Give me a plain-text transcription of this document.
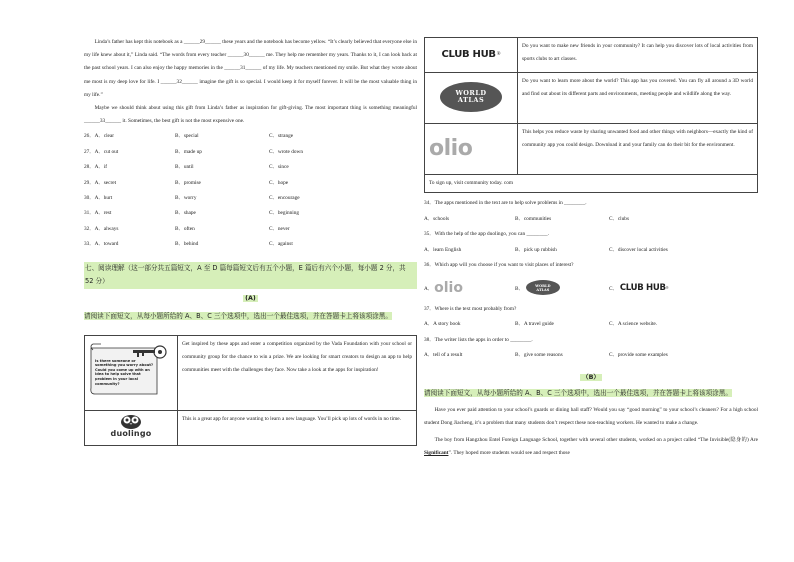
Linda’s father has kept this notebook as a ______29______ these years and the notebook has become yellow. “It’s clearly believed that everyone else in my life knew about it,” Linda said. “The words from every teacher ______30______ me. They help me remember my years. Thanks to it, I can look back at the past school years. I can also enjoy the happy memories in the ______31______ of my life. My teachers mentioned my smile. But what they wrote about me most is my deep love for life. I ______32______ imagine the gift is so special. I would keep it for myself forever. It will be the most valuable thing in my life.”

Maybe we should think about using this gift from Linda’s father as inspiration for gift-giving. The most important thing is something meaningful ______33______ it. Sometimes, the best gift is not the most expensive one.

26．A．clear	B．special	C．strange
27．A．cut out	B．made up	C．wrote down
28．A．if	B．until	C．since
29．A．secret	B．promise	C．hope
30．A．hurt	B．worry	C．encourage
31．A．rest	B．shape	C．beginning
32．A．always	B．often	C．never
33．A．toward	B．behind	C．against
七、阅读理解（这一部分共五篇短文，A 至 D 篇每篇短文后有五个小题，E 篇后有六个小题，每小题 2 分，共 52 分）
(A)
请阅读下面短文，从每小题所给的 A、B、C 三个选项中，选出一个最佳选项，并在答题卡上将该项涂黑。
Is there someone or something you worry about? Could you come up with an idea to help solve that problem in your local community?	Get inspired by these apps and enter a competition organized by the Vada Foundation with your school or community group for the chance to win a prize. We are looking for smart creators to design an app to help communities meet with the challenges they face. Now take a look at the apps for inspiration!

duolingo	This is a great app for anyone wanting to learn a new language. You’ll pick up lots of words in no time.
CLUB HUB ®	Do you want to make new friends in your community? It can help you discover lots of local activities from sports clubs to art classes.

WORLD
ATLAS	Do you want to learn more about the world? This app has you covered. You can fly all around a 3D world and find out about its different parts and environments, meeting people and wildlife along the way.

olio	This helps you reduce waste by sharing unwanted food and other things with neighbors—exactly the kind of community app you could design. Download it and your family can do their bit for the environment.
To sign up, visit community today. com

34．The apps mentioned in the text are to help solve problems in ________.

A．schools	B．communities	C．clubs

35．With the help of the app duolingo, you can ________.

A．learn English	B．pick up rubbish	C．discover local activities

36．Which app will you choose if you want to visit places of interest?

A． olio	B．	WORLD
ATLAS	C． CLUB HUB ®

37．Where is the text most probably from?

A．A story book	B．A travel guide	C．A science website.

38．The writer lists the apps in order to ________.

A．tell of a result	B．give some reasons	C．provide some examples
（B）
请阅读下面短文，从每小题所给的 A、B、C 三个选项中，选出一个最佳选项，并在答题卡上将该项涂黑。

Have you ever paid attention to your school’s guards or dining hall staff? Would you say “good morning” to your school’s cleaners? For a high school student Dong Jiacheng, it’s a problem that many students don’t respect these non-teaching workers. He wanted to make a change.

The boy from Hangzhou Entel Foreign Language School, together with several other students, worked on a project called “The Invisible(隐身的) Are Significant”. They hoped more students would see and respect those
